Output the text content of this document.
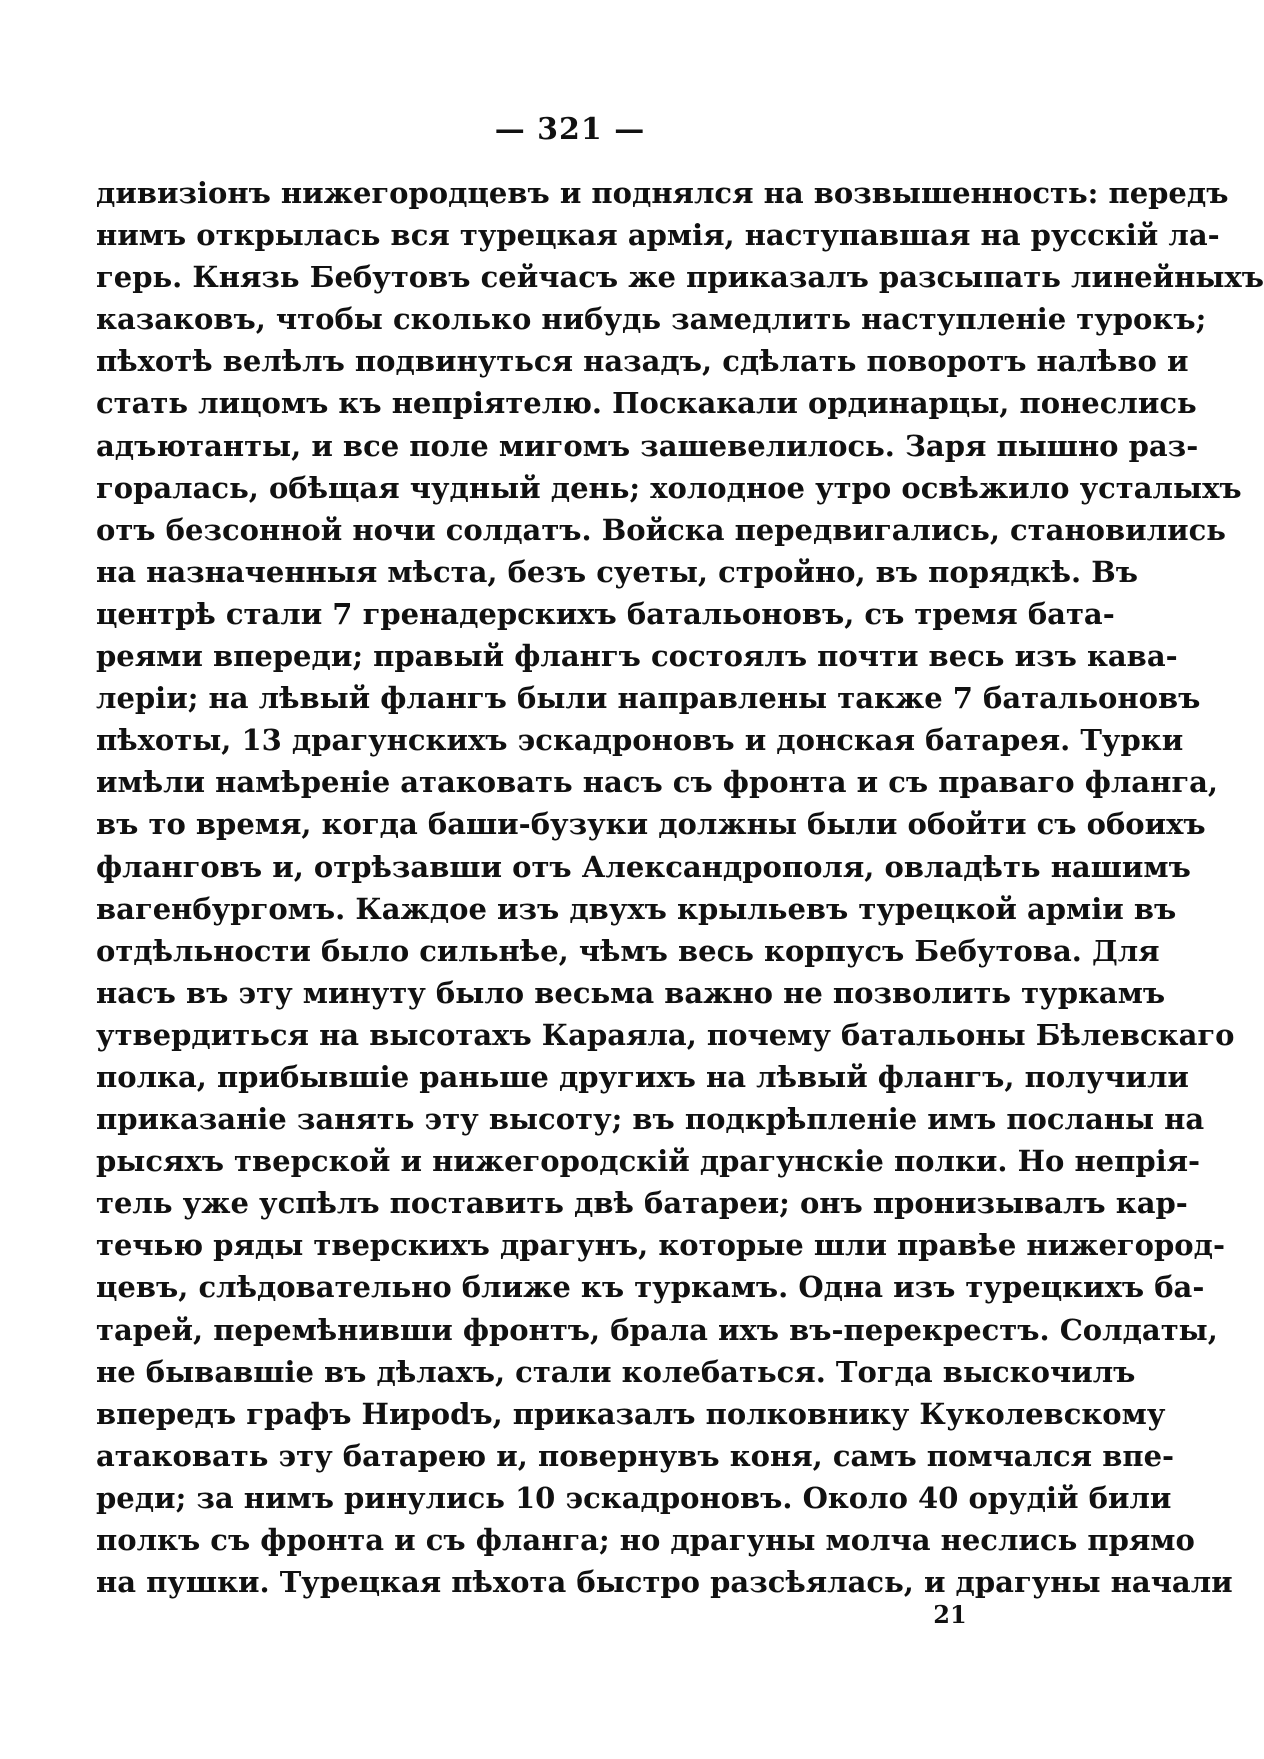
— 321 —
дивизіонъ нижегородцевъ и поднялся на возвышенность: передъ
нимъ открылась вся турецкая армія, наступавшая на русскій ла-
герь. Князь Бебутовъ сейчасъ же приказалъ разсыпать линейныхъ
казаковъ, чтобы сколько нибудь замедлить наступленіе турокъ;
пѣхотѣ велѣлъ подвинуться назадъ, сдѣлать поворотъ налѣво и
стать лицомъ къ непріятелю. Поскакали ординарцы, понеслись
адъютанты, и все поле мигомъ зашевелилось. Заря пышно раз-
горалась, обѣщая чудный день; холодное утро освѣжило усталыхъ
отъ безсонной ночи солдатъ. Войска передвигались, становились
на назначенныя мѣста, безъ суеты, стройно, въ порядкѣ. Въ
центрѣ стали 7 гренадерскихъ батальоновъ, съ тремя бата-
реями впереди; правый флангъ состоялъ почти весь изъ кава-
леріи; на лѣвый флангъ были направлены также 7 батальоновъ
пѣхоты, 13 драгунскихъ эскадроновъ и донская батарея. Турки
имѣли намѣреніе атаковать насъ съ фронта и съ праваго фланга,
въ то время, когда баши-бузуки должны были обойти съ обоихъ
фланговъ и, отрѣзавши отъ Александрополя, овладѣть нашимъ
вагенбургомъ. Каждое изъ двухъ крыльевъ турецкой арміи въ
отдѣльности было сильнѣе, чѣмъ весь корпусъ Бебутова. Для
насъ въ эту минуту было весьма важно не позволить туркамъ
утвердиться на высотахъ Караяла, почему батальоны Бѣлевскаго
полка, прибывшіе раньше другихъ на лѣвый флангъ, получили
приказаніе занять эту высоту; въ подкрѣпленіе имъ посланы на
рысяхъ тверской и нижегородскій драгунскіе полки. Но непрія-
тель уже успѣлъ поставить двѣ батареи; онъ пронизывалъ кар-
течью ряды тверскихъ драгунъ, которые шли правѣе нижегород-
цевъ, слѣдовательно ближе къ туркамъ. Одна изъ турецкихъ ба-
тарей, перемѣнивши фронтъ, брала ихъ въ-перекрестъ. Солдаты,
не бывавшіе въ дѣлахъ, стали колебаться. Тогда выскочилъ
впередъ графъ Нироdъ, приказалъ полковнику Куколевскому
атаковать эту батарею и, повернувъ коня, самъ помчался впе-
реди; за нимъ ринулись 10 эскадроновъ. Около 40 орудій били
полкъ съ фронта и съ фланга; но драгуны молча неслись прямо
на пушки. Турецкая пѣхота быстро разсѣялась, и драгуны начали
21
